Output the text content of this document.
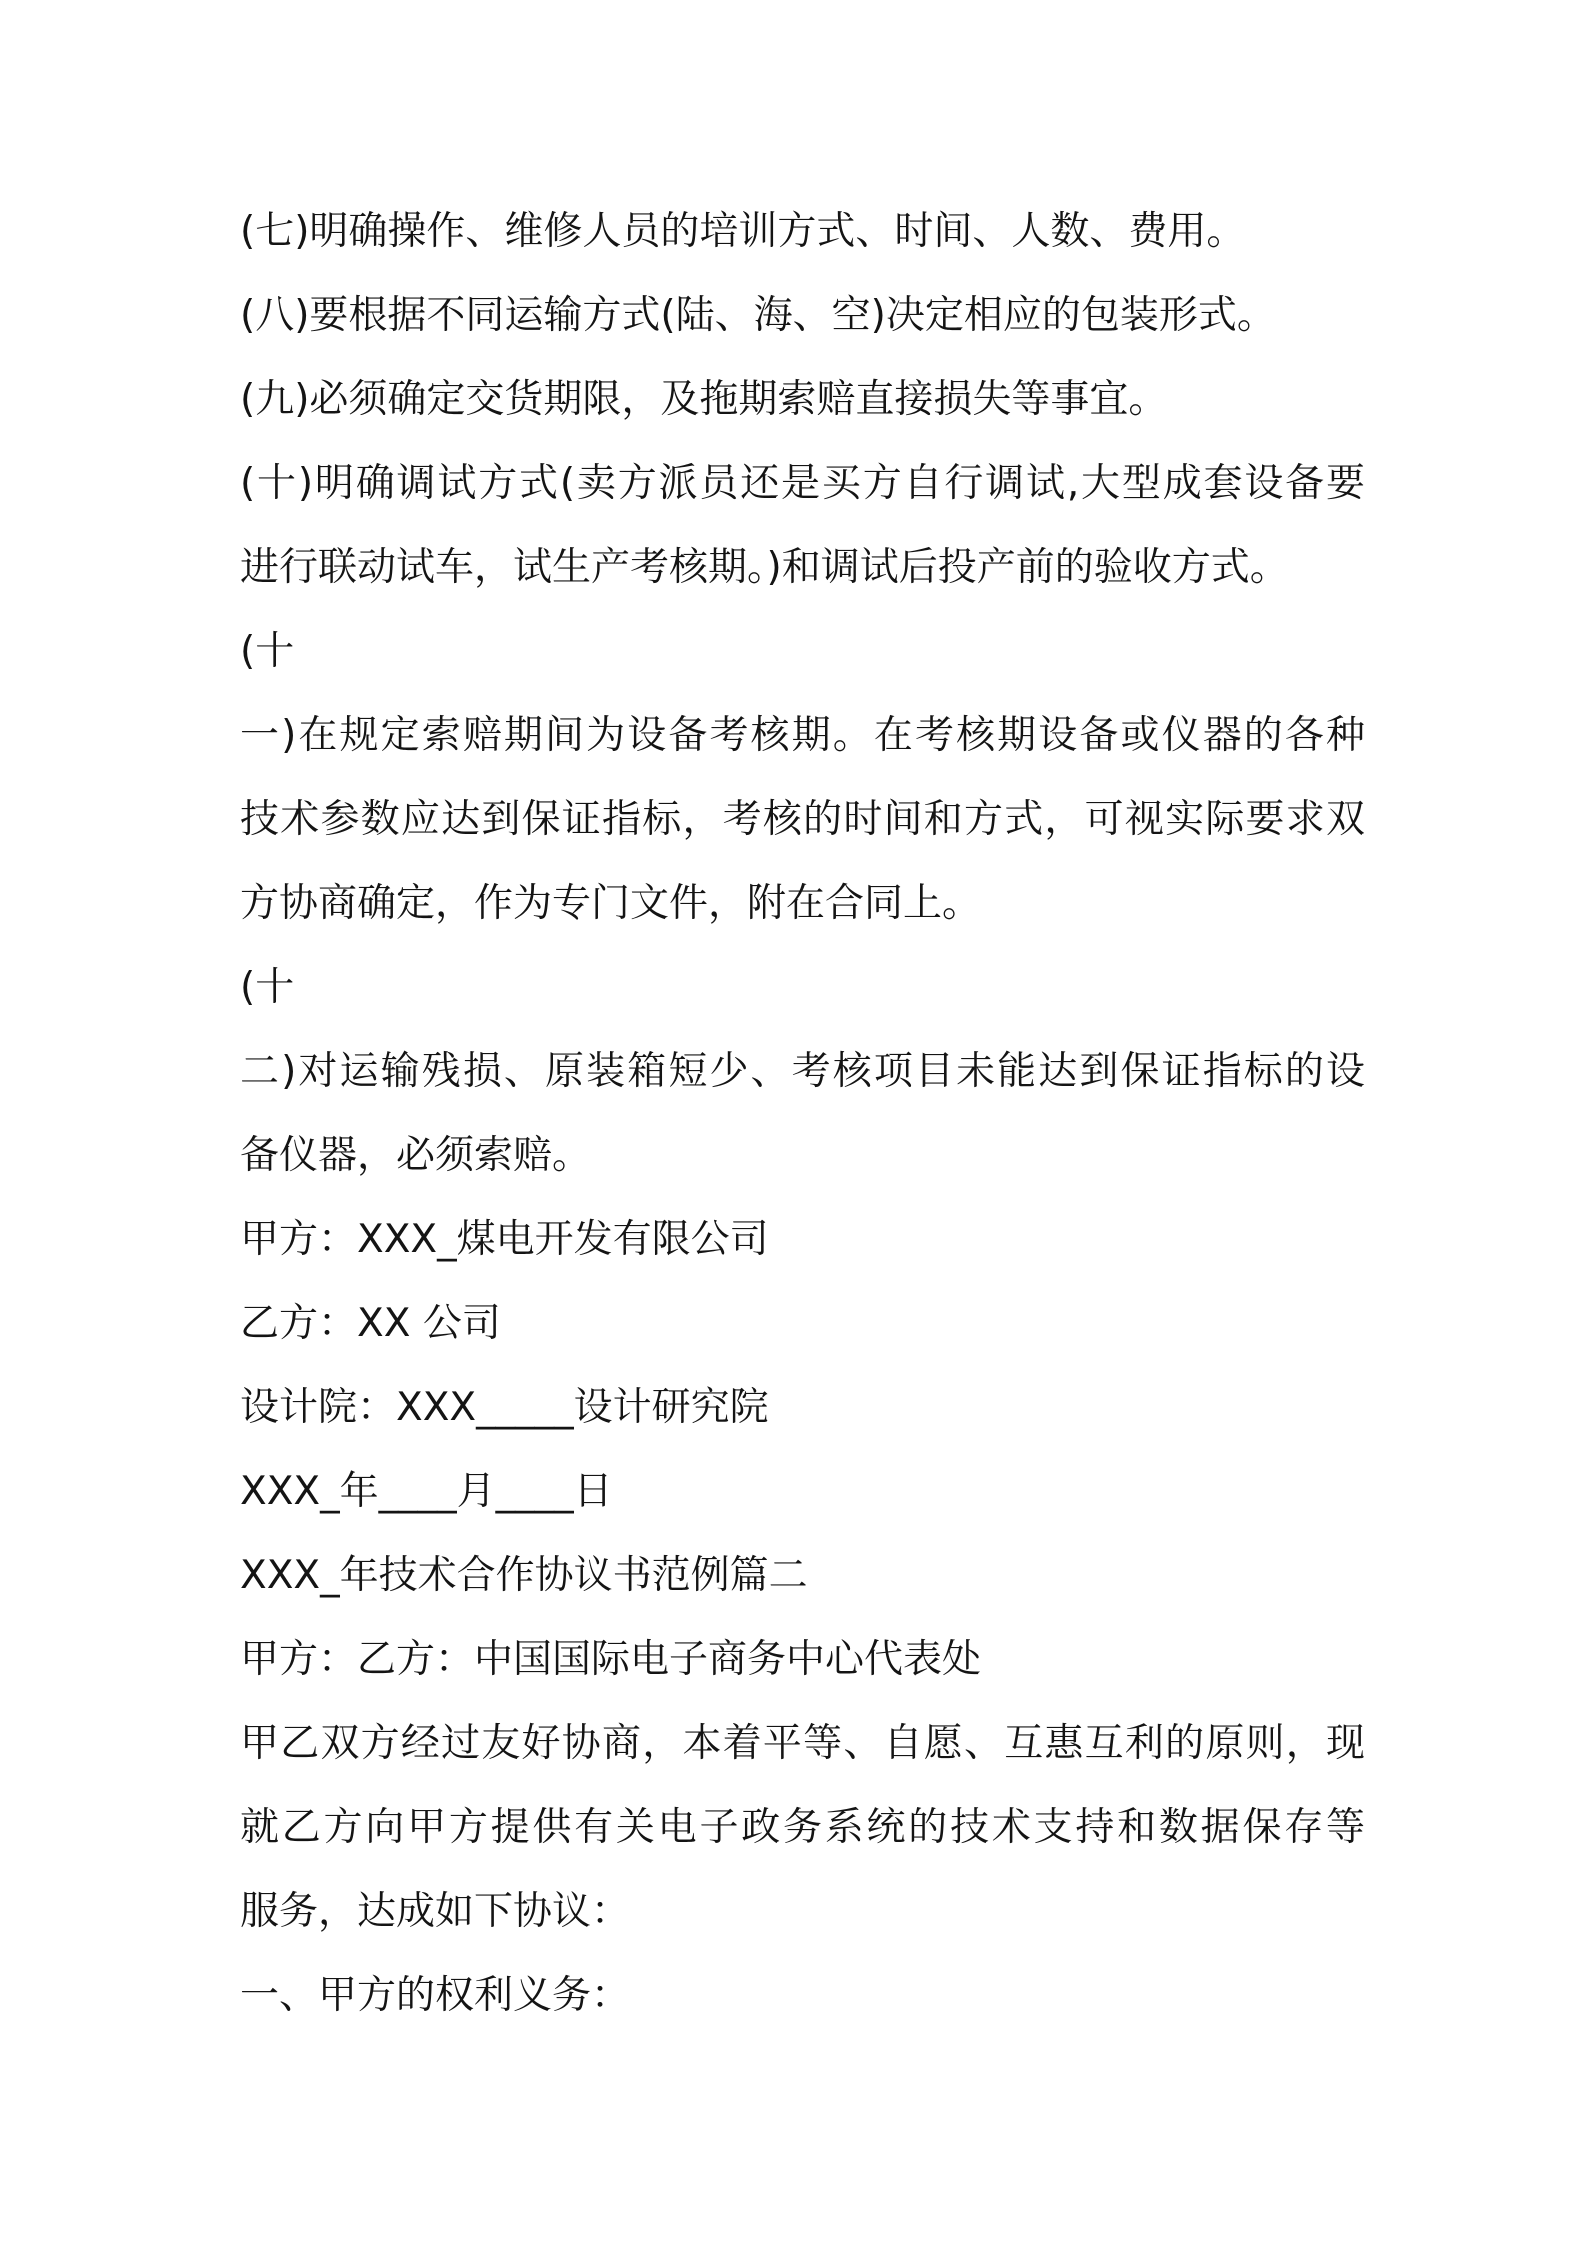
(七)明确操作、维修人员的培训方式、时间、人数、费用。
(八)要根据不同运输方式(陆、海、空)决定相应的包装形式。
(九)必须确定交货期限，及拖期索赔直接损失等事宜。
(十)明确调试方式(卖方派员还是买方自行调试,大型成套设备要
进行联动试车，试生产考核期。)和调试后投产前的验收方式。
(十
一)在规定索赔期间为设备考核期。在考核期设备或仪器的各种
技术参数应达到保证指标，考核的时间和方式，可视实际要求双
方协商确定，作为专门文件，附在合同上。
(十
二)对运输残损、原装箱短少、考核项目未能达到保证指标的设
备仪器，必须索赔。
甲方：XXX_煤电开发有限公司
乙方：XX 公司
设计院：XXX_____设计研究院
XXX_年____月____日
XXX_年技术合作协议书范例篇二
甲方：乙方：中国国际电子商务中心代表处
甲乙双方经过友好协商，本着平等、自愿、互惠互利的原则，现
就乙方向甲方提供有关电子政务系统的技术支持和数据保存等
服务，达成如下协议：
一、甲方的权利义务：
